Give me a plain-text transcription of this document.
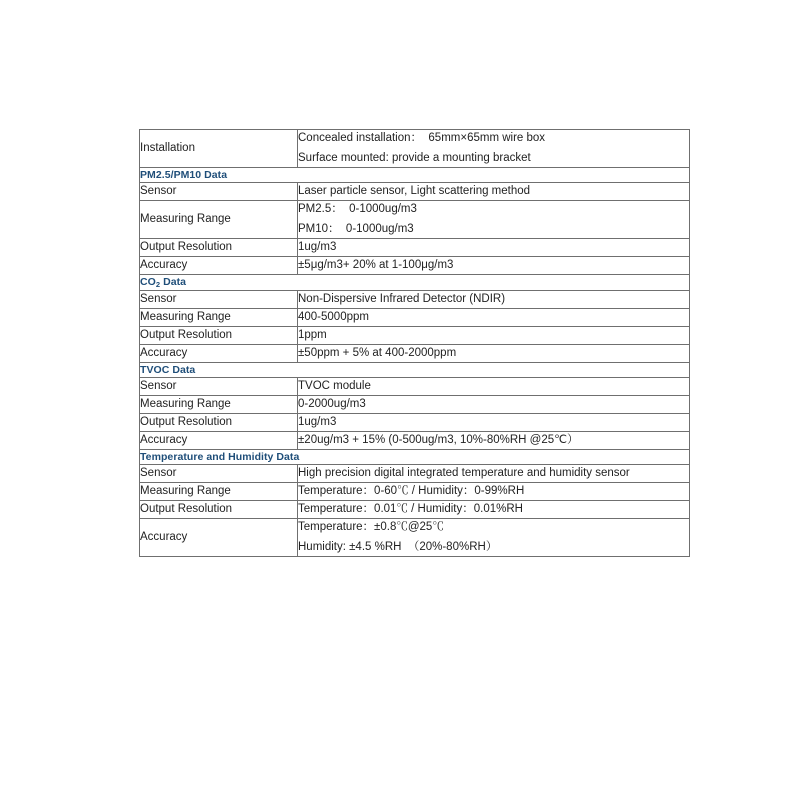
Installation	Concealed installation：  65mm×65mm wire box
Surface mounted: provide a mounting bracket

PM2.5/PM10 Data	
Sensor	Laser particle sensor, Light scattering method

Measuring Range	PM2.5：  0-1000ug/m3
PM10：  0-1000ug/m3

Output Resolution	1ug/m3

Accuracy	±5μg/m3+ 20% at 1-100μg/m3

$CO_2$ Data	
Sensor	Non-Dispersive Infrared Detector (NDIR)

Measuring Range	400-5000ppm

Output Resolution	1ppm

Accuracy	±50ppm + 5% at 400-2000ppm

TVOC Data	
Sensor	TVOC module

Measuring Range	0-2000ug/m3

Output Resolution	1ug/m3

Accuracy	±20ug/m3 + 15% (0-500ug/m3, 10%-80%RH @25℃）

Temperature and Humidity Data	
Sensor	High precision digital integrated temperature and humidity sensor

Measuring Range	Temperature：0-60℃ / Humidity：0-99%RH

Output Resolution	Temperature：0.01℃ / Humidity：0.01%RH

Accuracy	Temperature：±0.8℃@25℃
Humidity: ±4.5 %RH  （20%-80%RH）
